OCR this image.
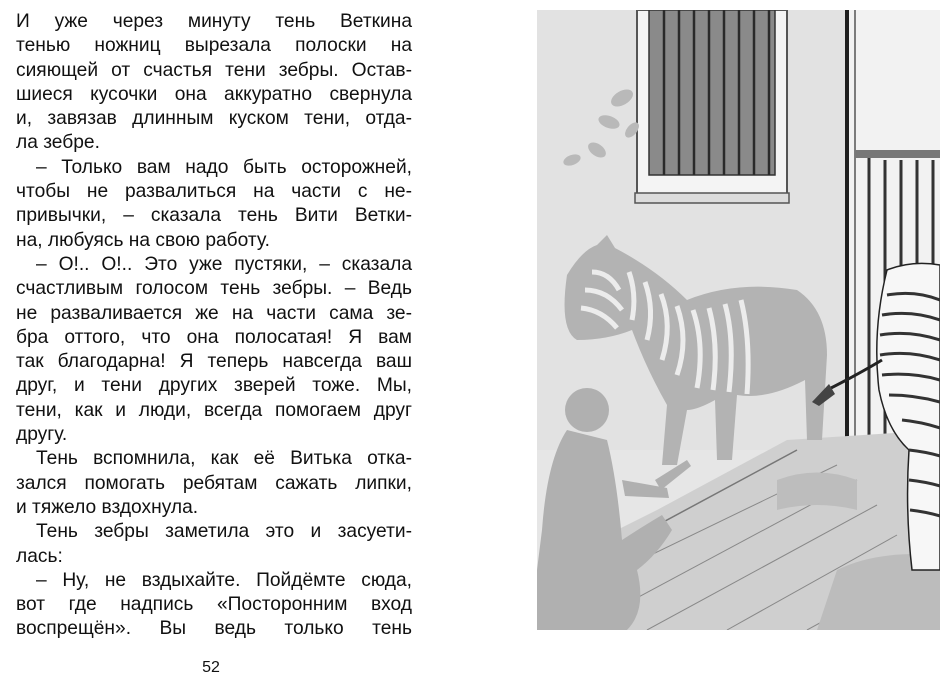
И уже через минуту тень Веткина
тенью ножниц вырезала полоски на
сияющей от счастья тени зебры. Остав-
шиеся кусочки она аккуратно свернула
и, завязав длинным куском тени, отда-
ла зебре.
– Только вам надо быть осторожней,
чтобы не развалиться на части с не-
привычки, – сказала тень Вити Ветки-
на, любуясь на свою работу.
– О!.. О!.. Это уже пустяки, – сказала
счастливым голосом тень зебры. – Ведь
не разваливается же на части сама зе-
бра оттого, что она полосатая! Я вам
так благодарна! Я теперь навсегда ваш
друг, и тени других зверей тоже. Мы,
тени, как и люди, всегда помогаем друг
другу.
Тень вспомнила, как её Витька отка-
зался помогать ребятам сажать липки,
и тяжело вздохнула.
Тень зебры заметила это и засуети-
лась:
– Ну, не вздыхайте. Пойдёмте сюда,
вот где надпись «Посторонним вход
воспрещён». Вы ведь только тень
52
